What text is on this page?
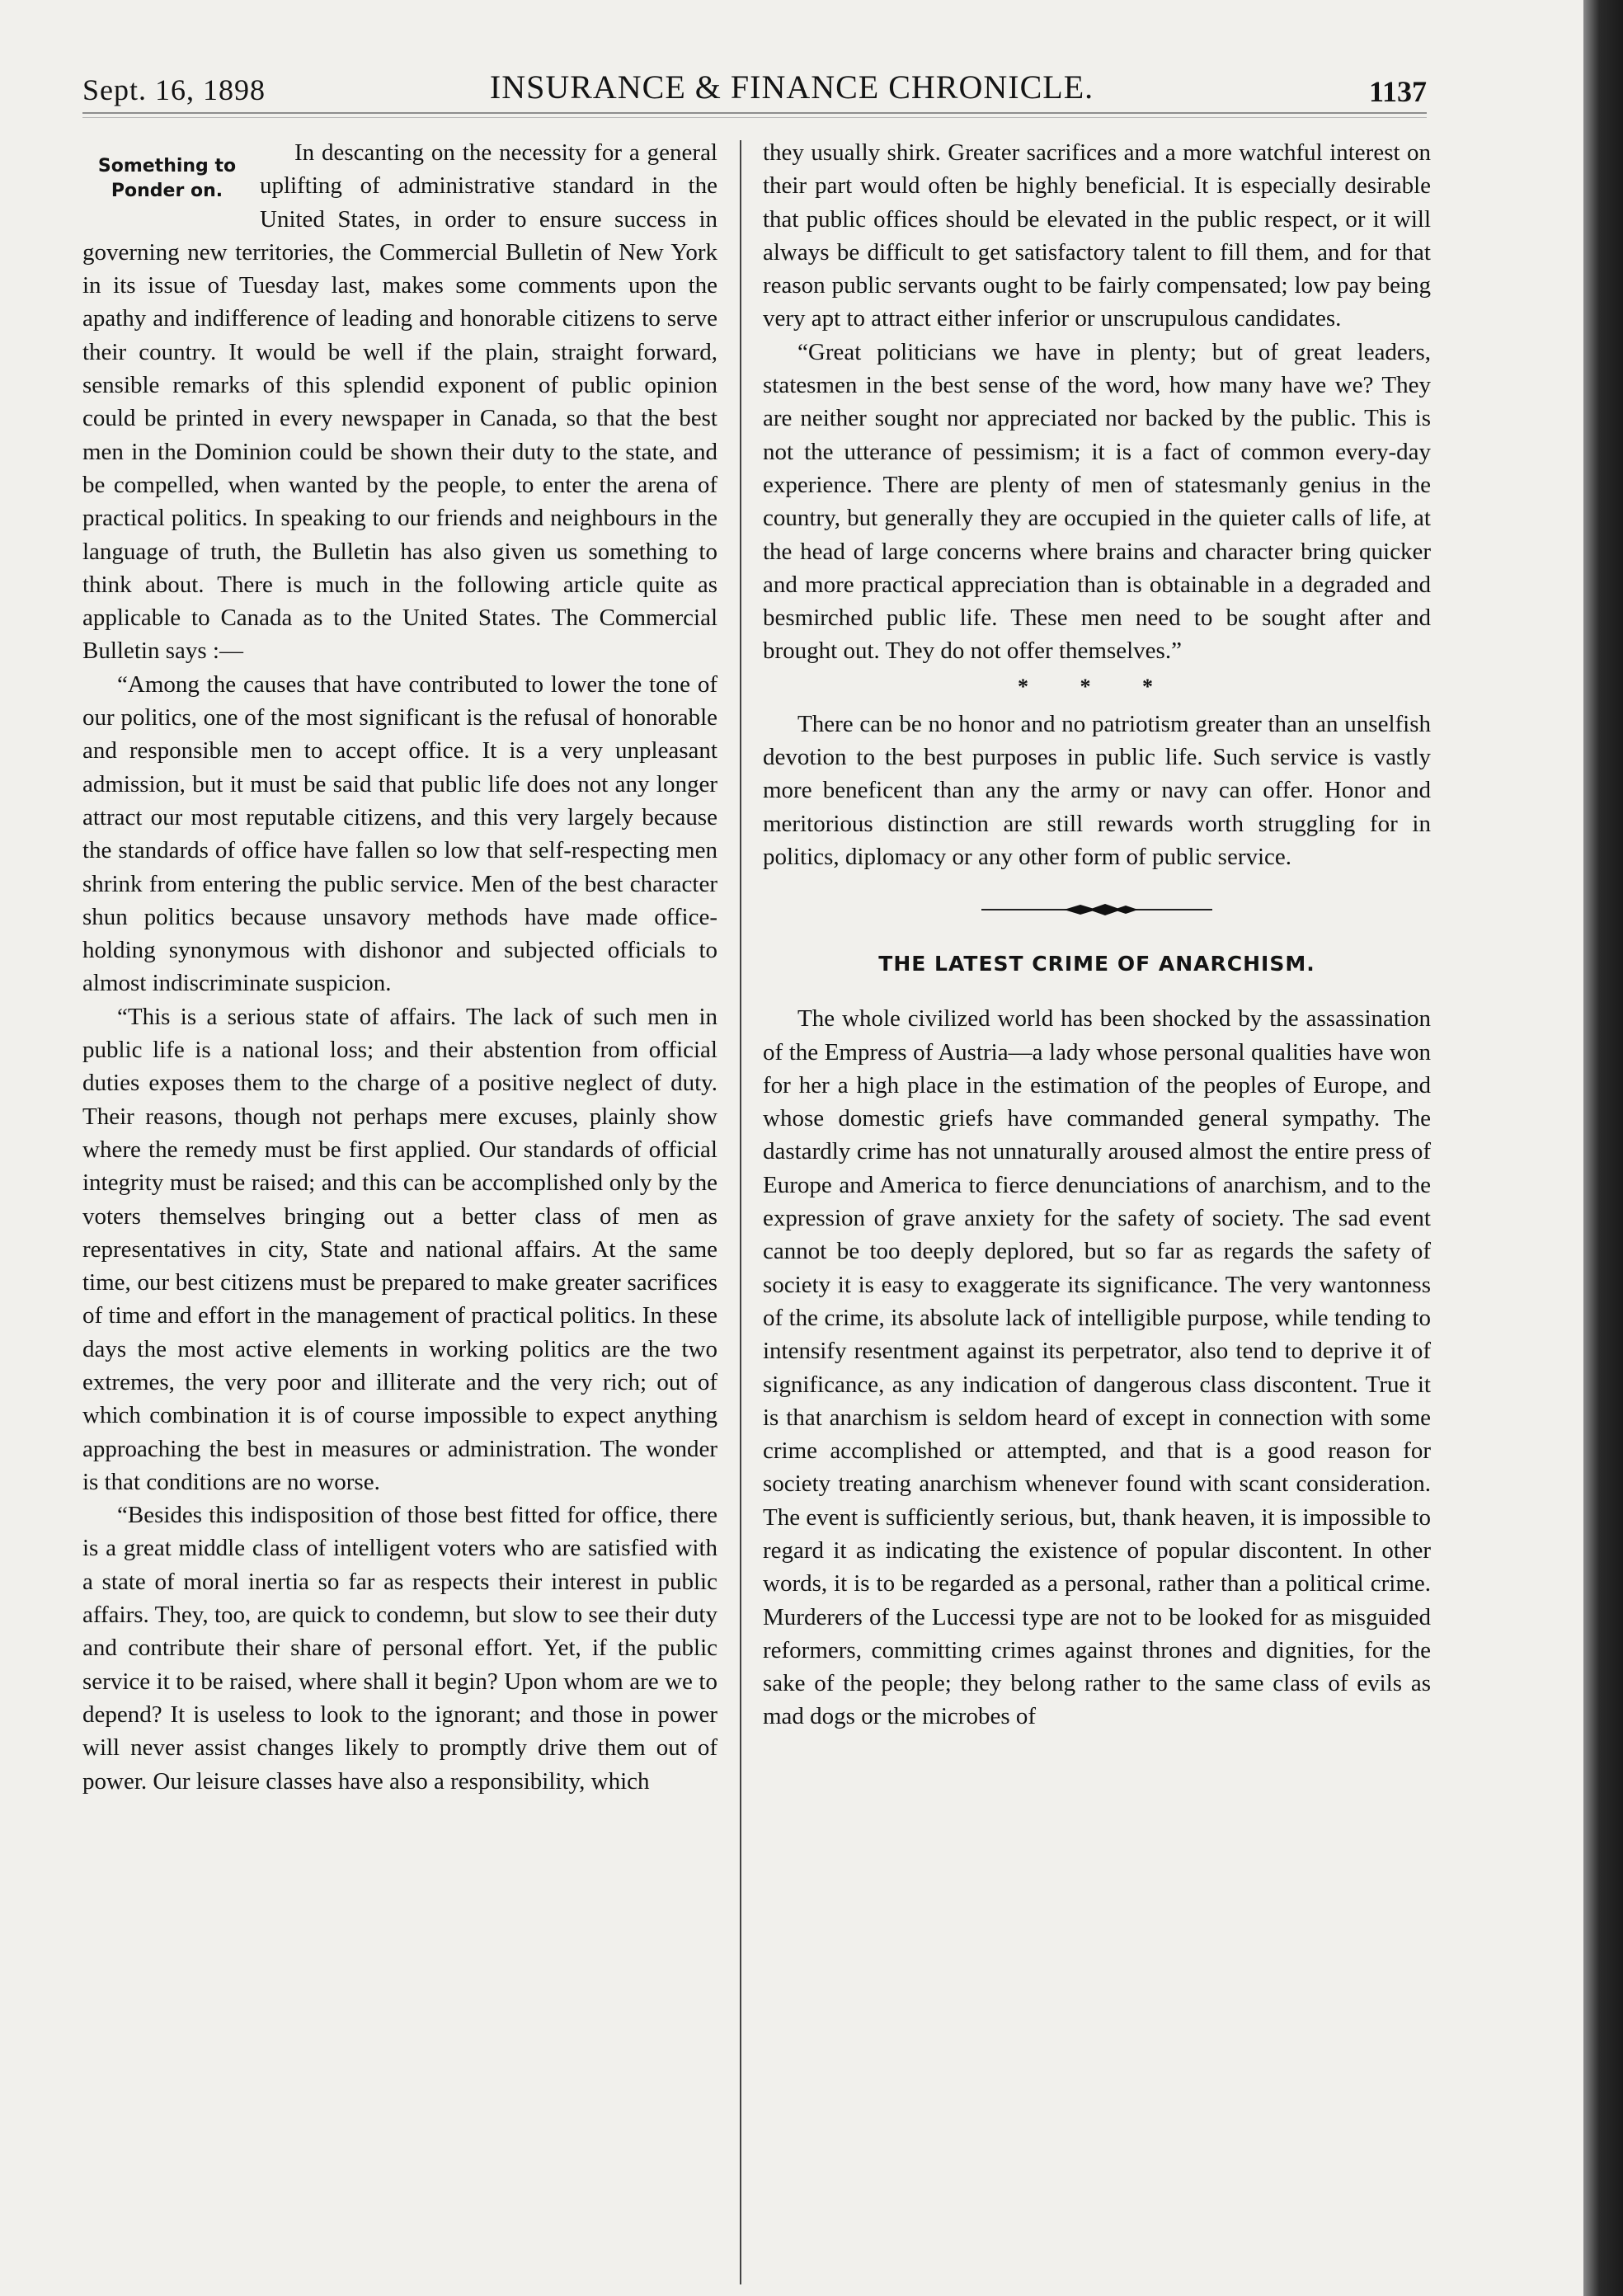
INSURANCE & FINANCE CHRONICLE.
Sept. 16, 1898	1137
Something to
Ponder on.

In descanting on the necessity for a general uplifting of administrative standard in the United States, in order to ensure success in governing new territories, the Commercial Bulletin of New York in its issue of Tuesday last, makes some comments upon the apathy and indifference of leading and honorable citizens to serve their country. It would be well if the plain, straight forward, sensible remarks of this splendid exponent of public opinion could be printed in every newspaper in Canada, so that the best men in the Dominion could be shown their duty to the state, and be compelled, when wanted by the people, to enter the arena of practical politics. In speaking to our friends and neighbours in the language of truth, the Bulletin has also given us something to think about. There is much in the following article quite as applicable to Canada as to the United States. The Commercial Bulletin says :—

“Among the causes that have contributed to lower the tone of our politics, one of the most significant is the refusal of honorable and responsible men to accept office. It is a very unpleasant admission, but it must be said that public life does not any longer attract our most reputable citizens, and this very largely because the standards of office have fallen so low that self-respecting men shrink from entering the public service. Men of the best character shun politics because unsavory methods have made office-holding synonymous with dishonor and subjected officials to almost indiscriminate suspicion.

“This is a serious state of affairs. The lack of such men in public life is a national loss; and their abstention from official duties exposes them to the charge of a positive neglect of duty. Their reasons, though not perhaps mere excuses, plainly show where the remedy must be first applied. Our standards of official integrity must be raised; and this can be accomplished only by the voters themselves bringing out a better class of men as representatives in city, State and national affairs. At the same time, our best citizens must be prepared to make greater sacrifices of time and effort in the management of practical politics. In these days the most active elements in working politics are the two extremes, the very poor and illiterate and the very rich; out of which combination it is of course impossible to expect anything approaching the best in measures or administration. The wonder is that conditions are no worse.

“Besides this indisposition of those best fitted for office, there is a great middle class of intelligent voters who are satisfied with a state of moral inertia so far as respects their interest in public affairs. They, too, are quick to condemn, but slow to see their duty and contribute their share of personal effort. Yet, if the public service it to be raised, where shall it begin? Upon whom are we to depend? It is useless to look to the ignorant; and those in power will never assist changes likely to promptly drive them out of power. Our leisure classes have also a responsibility, which

they usually shirk. Greater sacrifices and a more watchful interest on their part would often be highly beneficial. It is especially desirable that public offices should be elevated in the public respect, or it will always be difficult to get satisfactory talent to fill them, and for that reason public servants ought to be fairly compensated; low pay being very apt to attract either inferior or unscrupulous candidates.

“Great politicians we have in plenty; but of great leaders, statesmen in the best sense of the word, how many have we? They are neither sought nor appreciated nor backed by the public. This is not the utterance of pessimism; it is a fact of common every-day experience. There are plenty of men of statesmanly genius in the country, but generally they are occupied in the quieter calls of life, at the head of large concerns where brains and character bring quicker and more practical appreciation than is obtainable in a degraded and besmirched public life. These men need to be sought after and brought out. They do not offer themselves.”

* * *

There can be no honor and no patriotism greater than an unselfish devotion to the best purposes in public life. Such service is vastly more beneficent than any the army or navy can offer. Honor and meritorious distinction are still rewards worth struggling for in politics, diplomacy or any other form of public service.

THE LATEST CRIME OF ANARCHISM.

The whole civilized world has been shocked by the assassination of the Empress of Austria—a lady whose personal qualities have won for her a high place in the estimation of the peoples of Europe, and whose domestic griefs have commanded general sympathy. The dastardly crime has not unnaturally aroused almost the entire press of Europe and America to fierce denunciations of anarchism, and to the expression of grave anxiety for the safety of society. The sad event cannot be too deeply deplored, but so far as regards the safety of society it is easy to exaggerate its significance. The very wantonness of the crime, its absolute lack of intelligible purpose, while tending to intensify resentment against its perpetrator, also tend to deprive it of significance, as any indication of dangerous class discontent. True it is that anarchism is seldom heard of except in connection with some crime accomplished or attempted, and that is a good reason for society treating anarchism whenever found with scant consideration. The event is sufficiently serious, but, thank heaven, it is impossible to regard it as indicating the existence of popular discontent. In other words, it is to be regarded as a personal, rather than a political crime. Murderers of the Luccessi type are not to be looked for as misguided reformers, committing crimes against thrones and dignities, for the sake of the people; they belong rather to the same class of evils as mad dogs or the microbes of
